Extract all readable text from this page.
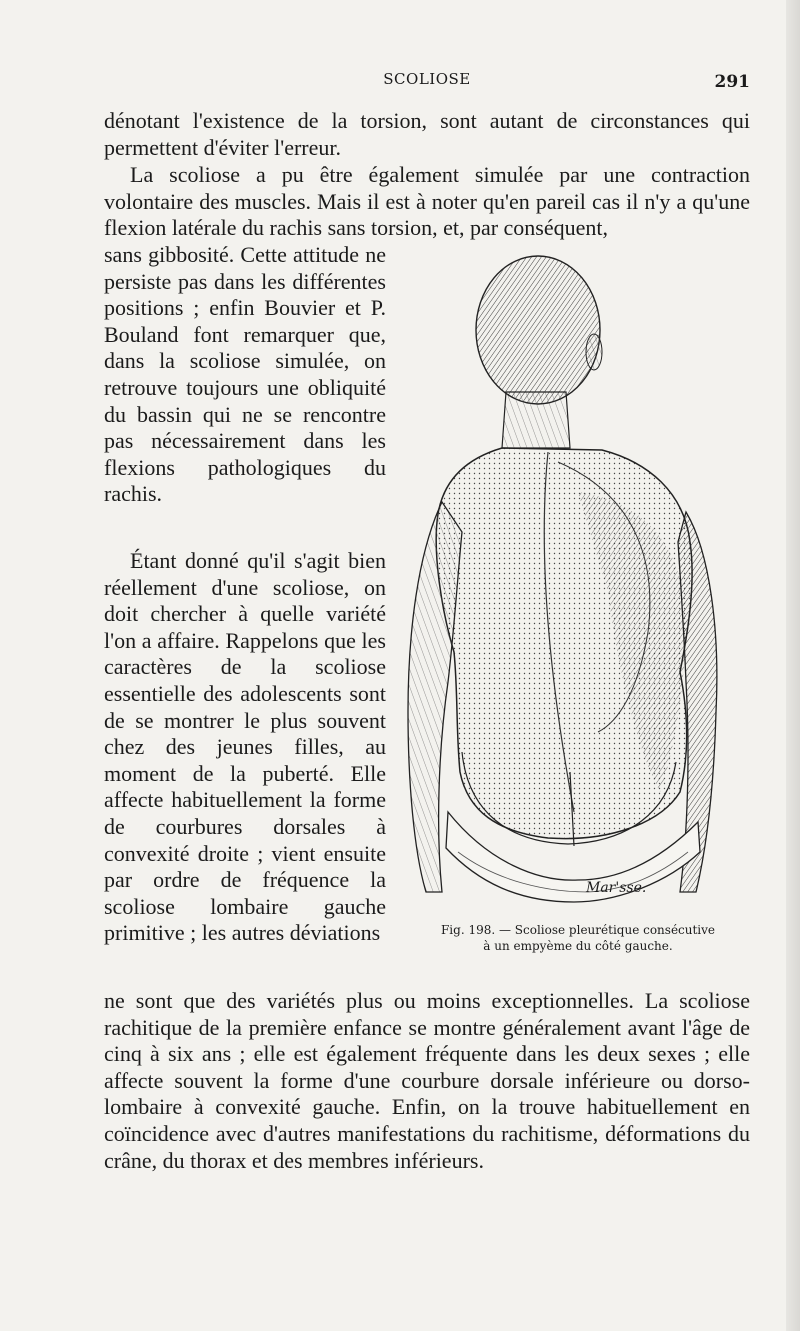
SCOLIOSE	291

dénotant l'existence de la torsion, sont autant de circonstances qui permettent d'éviter l'erreur.

La scoliose a pu être également simulée par une contraction volontaire des muscles. Mais il est à noter qu'en pareil cas il n'y a qu'une flexion latérale du rachis sans torsion, et, par conséquent,

sans gibbosité. Cette attitude ne persiste pas dans les différentes positions ; enfin Bouvier et P. Bouland font remarquer que, dans la scoliose simulée, on retrouve toujours une obliquité du bassin qui ne se rencontre pas nécessairement dans les flexions pathologiques du rachis.

Étant donné qu'il s'agit bien réellement d'une scoliose, on doit chercher à quelle variété l'on a affaire. Rappelons que les caractères de la scoliose essentielle des adolescents sont de se montrer le plus souvent chez des jeunes filles, au moment de la puberté. Elle affecte habituellement la forme de courbures dorsales à convexité droite ; vient ensuite par ordre de fréquence la scoliose lombaire gauche primitive ; les autres déviations

ne sont que des variétés plus ou moins exceptionnelles. La scoliose rachitique de la première enfance se montre généralement avant l'âge de cinq à six ans ; elle est également fréquente dans les deux sexes ; elle affecte souvent la forme d'une courbure dorsale inférieure ou dorso-lombaire à convexité gauche. Enfin, on la trouve habituellement en coïncidence avec d'autres manifestations du rachitisme, déformations du crâne, du thorax et des membres inférieurs.

Mar'sse.
Fig. 198. — Scoliose pleurétique consécutive
à un empyème du côté gauche.
